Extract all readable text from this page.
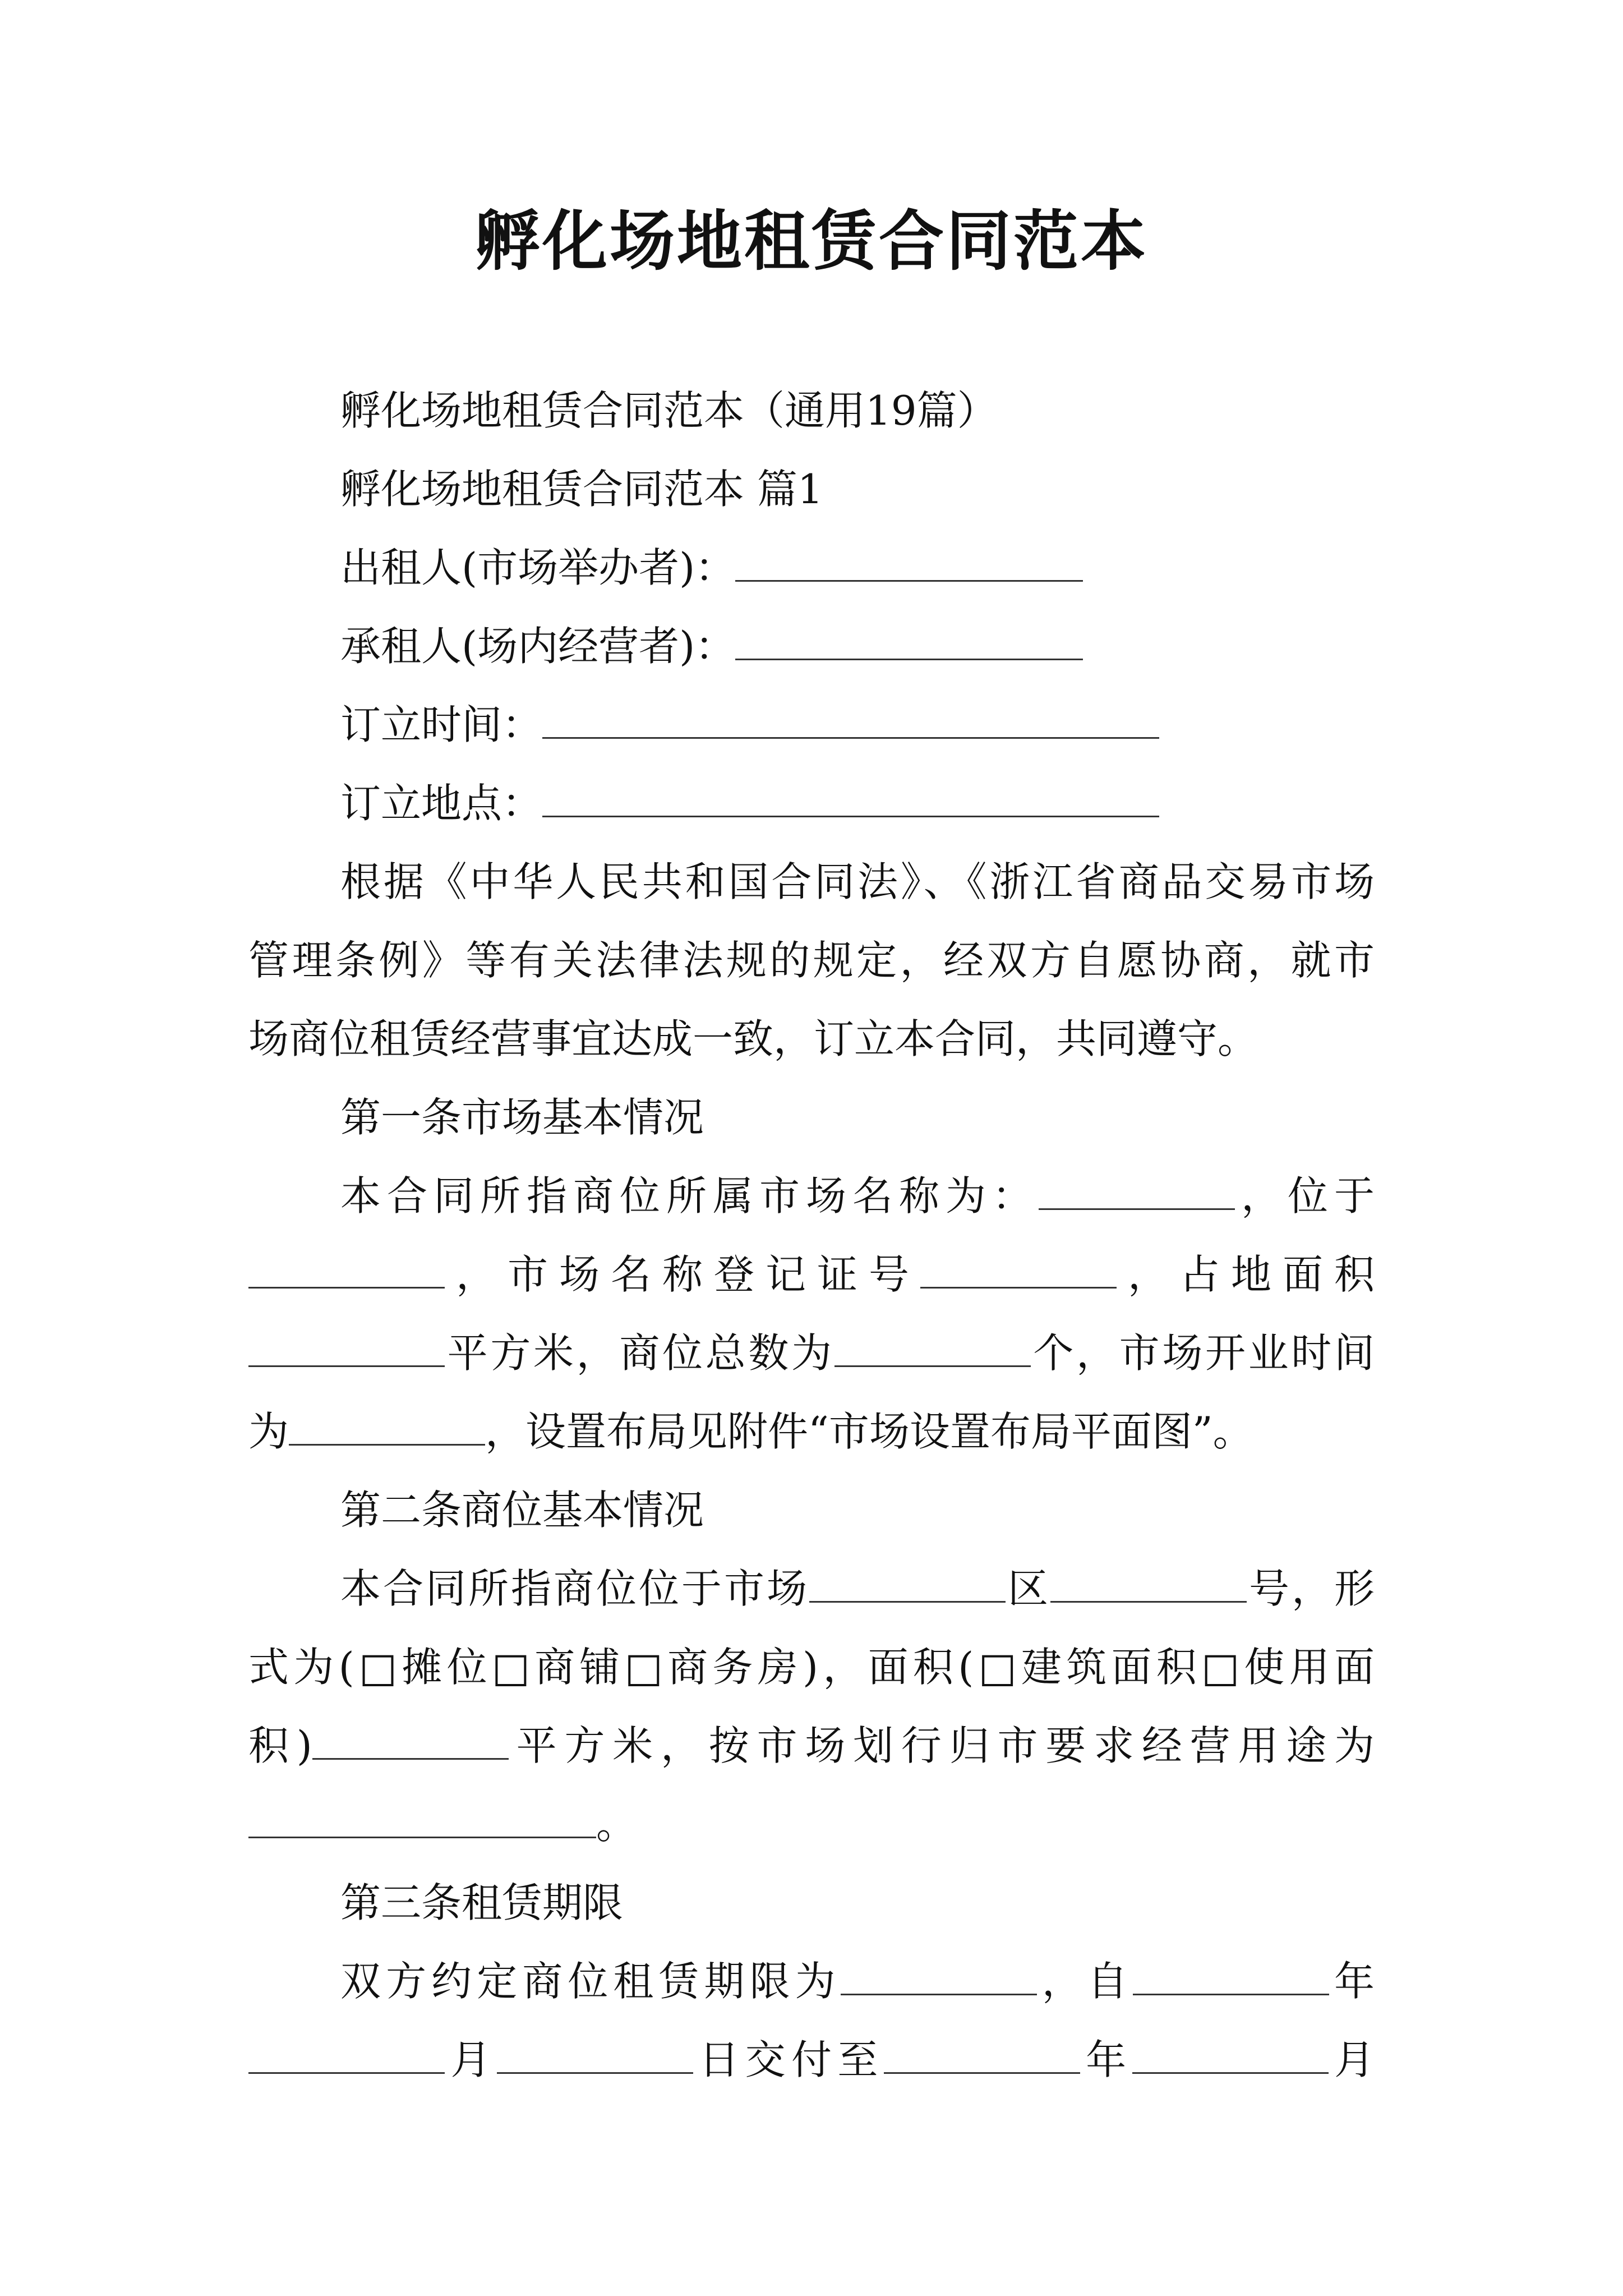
孵化场地租赁合同范本
孵化场地租赁合同范本（通用19篇）
孵化场地租赁合同范本 篇1
出租人(市场举办者)：
承租人(场内经营者)：
订立时间：
订立地点：
根据《中华人民共和国合同法》、《浙江省商品交易市场
管理条例》等有关法律法规的规定，经双方自愿协商，就市
场商位租赁经营事宜达成一致，订立本合同，共同遵守。
第一条市场基本情况
本合同所指商位所属市场名称为：	，位于
，市场名称登记证号	，占地面积
平方米，商位总数为	个，市场开业时间
为	，设置布局见附件“市场设置布局平面图”。
第二条商位基本情况
本合同所指商位位于市场	区	号，形
式为(□摊位□商铺□商务房)，面积(□建筑面积□使用面
积)	平方米，按市场划行归市要求经营用途为
。
第三条租赁期限
双方约定商位租赁期限为	，自	年
月	日交付至	年	月
